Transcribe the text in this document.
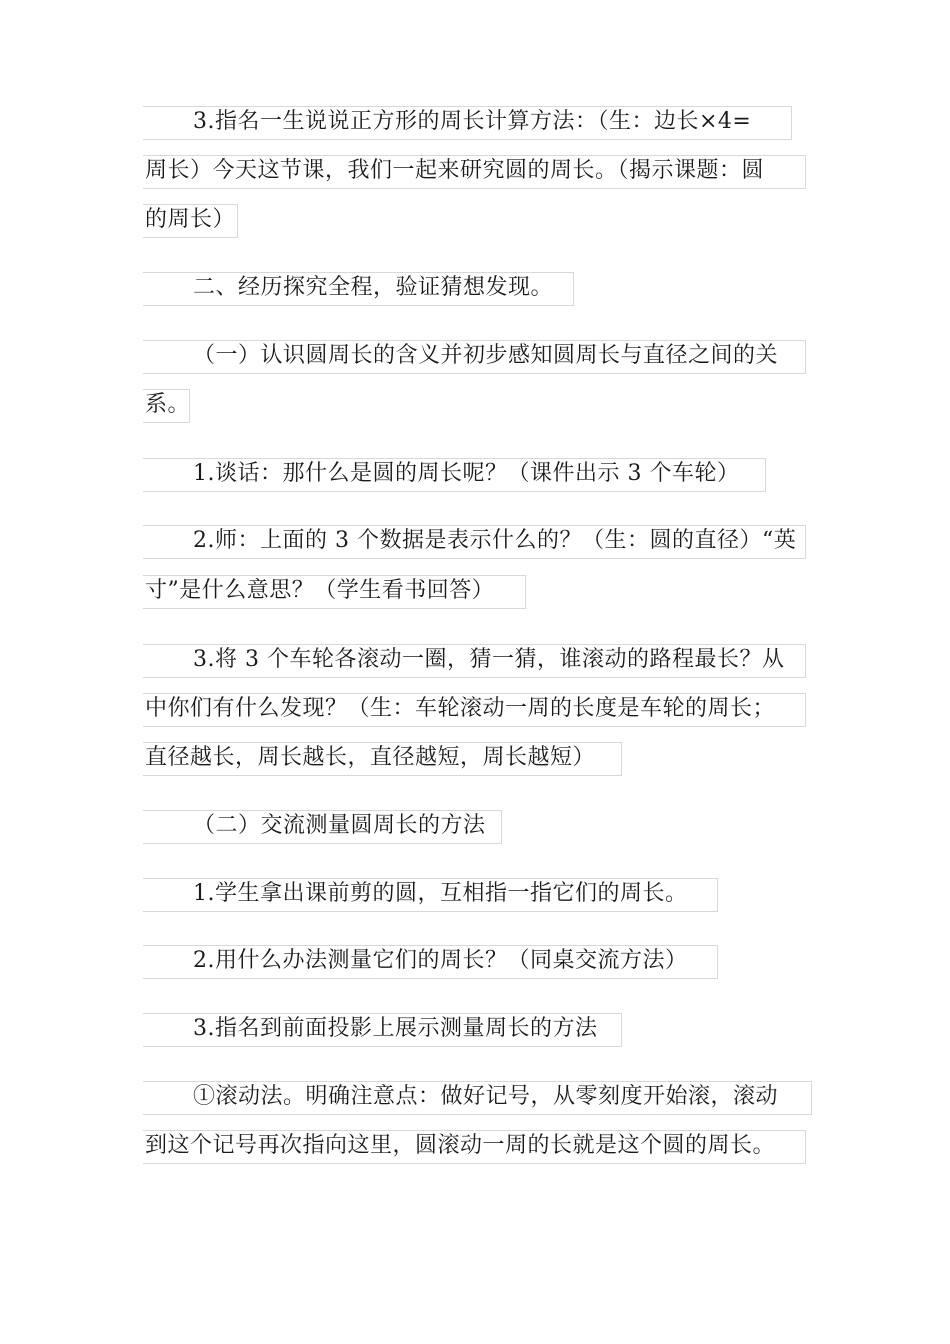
3.指名一生说说正方形的周长计算方法：（生：边长×4=
周长）今天这节课，我们一起来研究圆的周长。（揭示课题：圆
的周长）
二、经历探究全程，验证猜想发现。
（一）认识圆周长的含义并初步感知圆周长与直径之间的关
系。
1.谈话：那什么是圆的周长呢？（课件出示 3 个车轮）
2.师：上面的 3 个数据是表示什么的？（生：圆的直径）“英
寸”是什么意思？（学生看书回答）
3.将 3 个车轮各滚动一圈，猜一猜，谁滚动的路程最长？从
中你们有什么发现？（生：车轮滚动一周的长度是车轮的周长；
直径越长，周长越长，直径越短，周长越短）
（二）交流测量圆周长的方法
1.学生拿出课前剪的圆，互相指一指它们的周长。
2.用什么办法测量它们的周长？（同桌交流方法）
3.指名到前面投影上展示测量周长的方法
①滚动法。明确注意点：做好记号，从零刻度开始滚，滚动
到这个记号再次指向这里，圆滚动一周的长就是这个圆的周长。
